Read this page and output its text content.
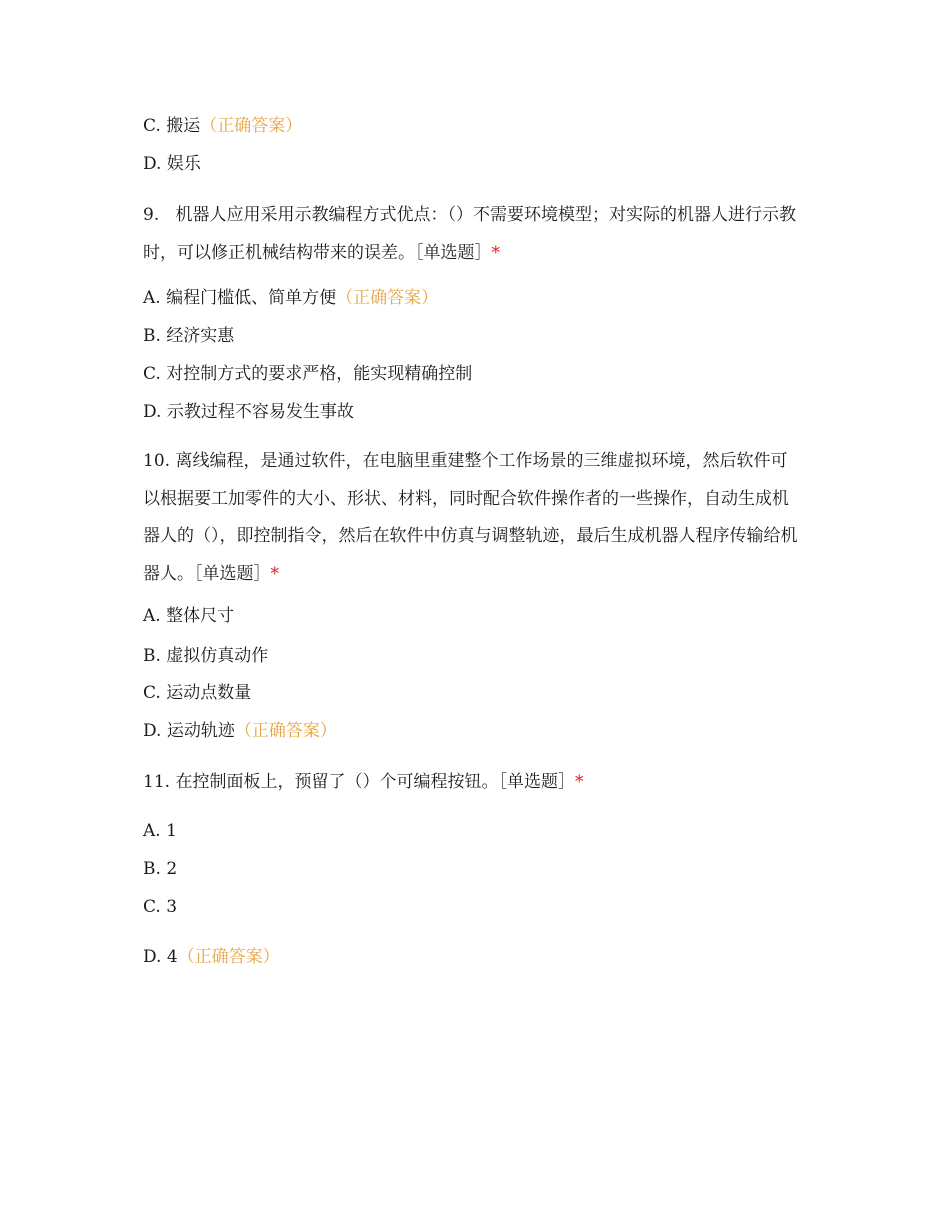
C. 搬运（正确答案）
D. 娱乐
9. 机器人应用采用示教编程方式优点：（）不需要环境模型；对实际的机器人进行示教时，可以修正机械结构带来的误差。［单选题］*
A. 编程门槛低、简单方便（正确答案）
B. 经济实惠
C. 对控制方式的要求严格，能实现精确控制
D. 示教过程不容易发生事故
10. 离线编程，是通过软件，在电脑里重建整个工作场景的三维虚拟环境，然后软件可以根据要工加零件的大小、形状、材料，同时配合软件操作者的一些操作，自动生成机器人的（），即控制指令，然后在软件中仿真与调整轨迹，最后生成机器人程序传输给机器人。［单选题］*
A. 整体尺寸
B. 虚拟仿真动作
C. 运动点数量
D. 运动轨迹（正确答案）
11. 在控制面板上，预留了（）个可编程按钮。［单选题］*
A. 1
B. 2
C. 3
D. 4（正确答案）
